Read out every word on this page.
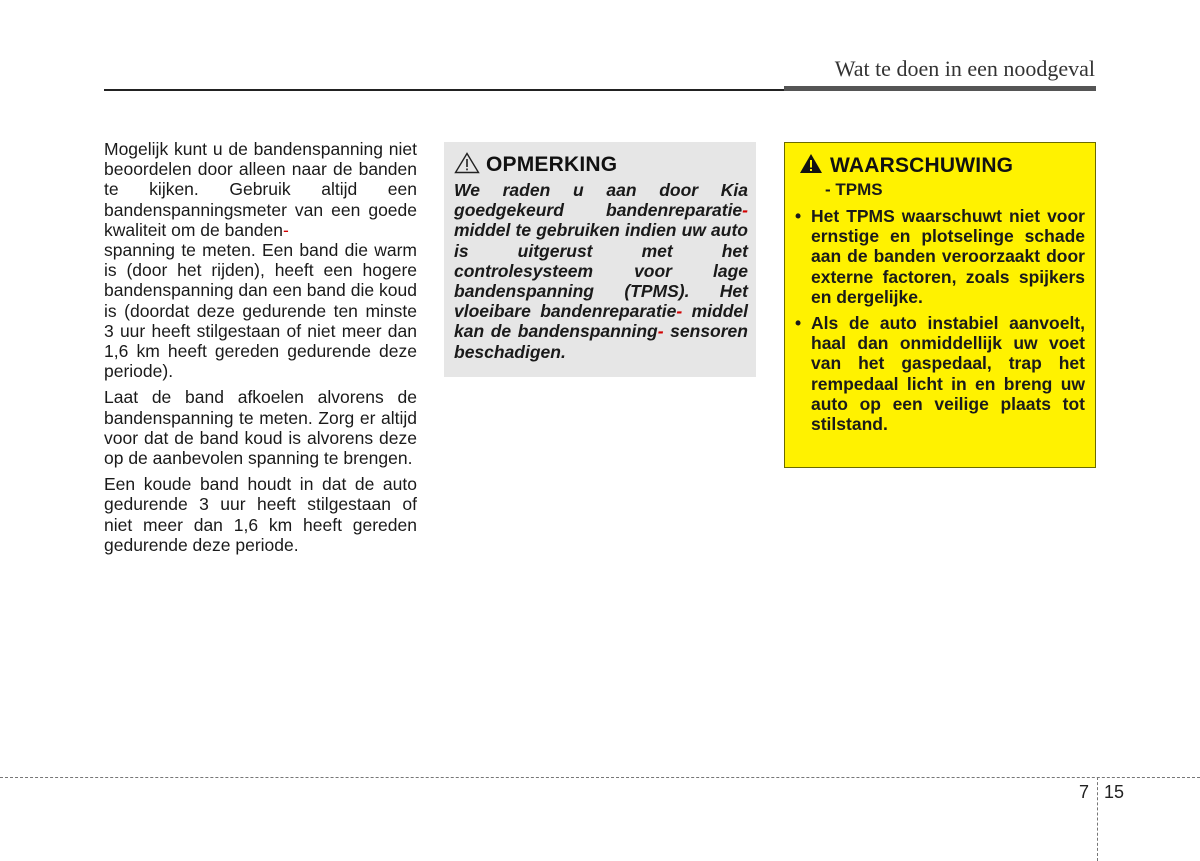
Wat te doen in een noodgeval

Mogelijk kunt u de bandenspanning niet beoordelen door alleen naar de banden te kijken. Gebruik altijd een bandenspanningsmeter van een goede kwaliteit om de banden-
spanning te meten. Een band die warm is (door het rijden), heeft een hogere bandenspanning dan een band die koud is (doordat deze gedurende ten minste 3 uur heeft stilgestaan of niet meer dan 1,6 km heeft gereden gedurende deze periode).

Laat de band afkoelen alvorens de bandenspanning te meten. Zorg er altijd voor dat de band koud is alvorens deze op de aanbevolen spanning te brengen.

Een koude band houdt in dat de auto gedurende 3 uur heeft stilgestaan of niet meer dan 1,6 km heeft gereden gedurende deze periode.

OPMERKING
We raden u aan door Kia goedgekeurd bandenreparatie- middel te gebruiken indien uw auto is uitgerust met het controlesysteem voor lage bandenspanning (TPMS). Het vloeibare bandenreparatie- middel kan de bandenspanning- sensoren beschadigen.
WAARSCHUWING
- TPMS
• Het TPMS waarschuwt niet voor ernstige en plotselinge schade aan de banden veroorzaakt door externe factoren, zoals spijkers en dergelijke.
• Als de auto instabiel aanvoelt, haal dan onmiddellijk uw voet van het gaspedaal, trap het rempedaal licht in en breng uw auto op een veilige plaats tot stilstand.
7 15
